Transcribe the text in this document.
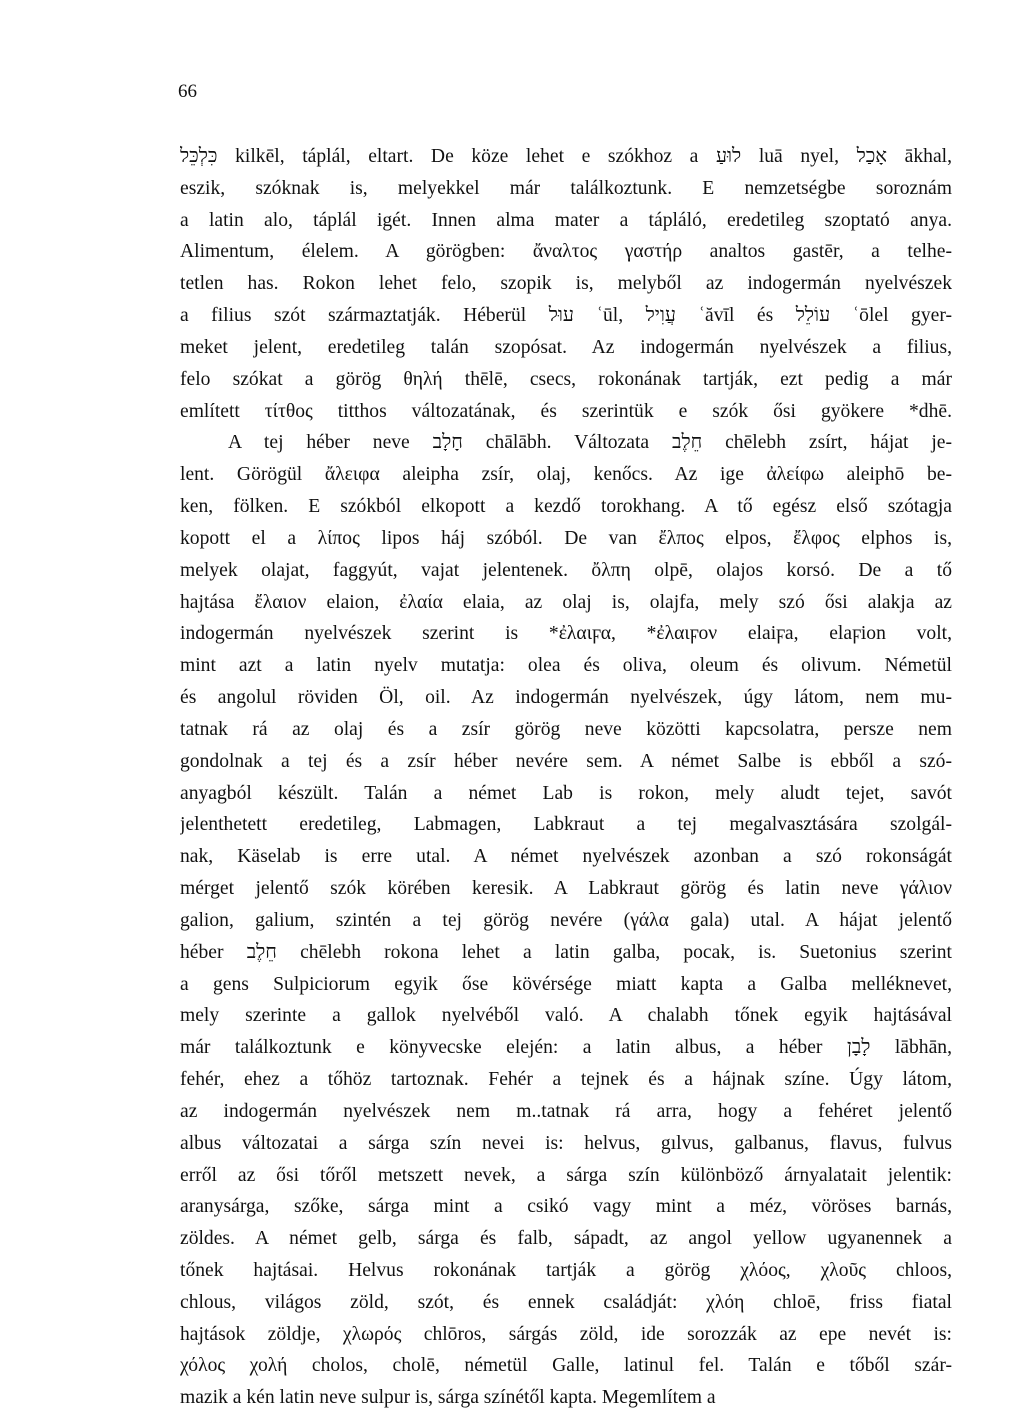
66
כִּלְכֵּל kilkēl, táplál, eltart. De köze lehet e szókhoz a לוּעַ luā nyel, אָכַל ākhal,
eszik, szóknak is, melyekkel már találkoztunk. E nemzetségbe soroznám
a latin alo, táplál igét. Innen alma mater a tápláló, eredetileg szoptató anya.
Alimentum, élelem. A görögben: ἄναλτος γαστήρ analtos gastēr, a telhe-
tetlen has. Rokon lehet felo, szopik is, melyből az indogermán nyelvészek
a filius szót származtatják. Héberül עוּל ʿūl, עֲוִיל ʿăvīl és עוֹלֵל ʿōlel gyer-
meket jelent, eredetileg talán szopósat. Az indogermán nyelvészek a filius,
felo szókat a görög θηλή thēlē, csecs, rokonának tartják, ezt pedig a már
említett τίτθος titthos változatának, és szerintük e szók ősi gyökere *dhē.
A tej héber neve חָלָב chālābh. Változata חֵלֶב chēlebh zsírt, hájat je-
lent. Görögül ἄλειφα aleipha zsír, olaj, kenőcs. Az ige ἀλείφω aleiphō be-
ken, fölken. E szókból elkopott a kezdő torokhang. A tő egész első szótagja
kopott el a λίπος lipos háj szóból. De van ἔλπος elpos, ἔλφος elphos is,
melyek olajat, faggyút, vajat jelentenek. ὄλπη olpē, olajos korsó. De a tő
hajtása ἔλαιον elaion, ἐλαία elaia, az olaj is, olajfa, mely szó ősi alakja az
indogermán nyelvészek szerint is *ἐλαιϝα, *ἐλαιϝον elaiϝa, elaϝion volt,
mint azt a latin nyelv mutatja: olea és oliva, oleum és olivum. Németül
és angolul röviden Öl, oil. Az indogermán nyelvészek, úgy látom, nem mu-
tatnak rá az olaj és a zsír görög neve közötti kapcsolatra, persze nem
gondolnak a tej és a zsír héber nevére sem. A német Salbe is ebből a szó-
anyagból készült. Talán a német Lab is rokon, mely aludt tejet, savót
jelenthetett eredetileg, Labmagen, Labkraut a tej megalvasztására szolgál-
nak, Käselab is erre utal. A német nyelvészek azonban a szó rokonságát
mérget jelentő szók körében keresik. A Labkraut görög és latin neve γάλιον
galion, galium, szintén a tej görög nevére (γάλα gala) utal. A hájat jelentő
héber חֵלֶב chēlebh rokona lehet a latin galba, pocak, is. Suetonius szerint
a gens Sulpiciorum egyik őse kövérsége miatt kapta a Galba melléknevet,
mely szerinte a gallok nyelvéből való. A chalabh tőnek egyik hajtásával
már találkoztunk e könyvecske elején: a latin albus, a héber לָבָן lābhān,
fehér, ehez a tőhöz tartoznak. Fehér a tejnek és a hájnak színe. Úgy látom,
az indogermán nyelvészek nem m..tatnak rá arra, hogy a fehéret jelentő
albus változatai a sárga szín nevei is: helvus, gılvus, galbanus, flavus, fulvus
erről az ősi tőről metszett nevek, a sárga szín különböző árnyalatait jelentik:
aranysárga, szőke, sárga mint a csikó vagy mint a méz, vöröses barnás,
zöldes. A német gelb, sárga és falb, sápadt, az angol yellow ugyanennek a
tőnek hajtásai. Helvus rokonának tartják a görög χλόος, χλοῦς chloos,
chlous, világos zöld, szót, és ennek családját: χλόη chloē, friss fiatal
hajtások zöldje, χλωρός chlōros, sárgás zöld, ide sorozzák az epe nevét is:
χόλος χολή cholos, cholē, németül Galle, latinul fel. Talán e tőből szár-
mazik a kén latin neve sulpur is, sárga színétől kapta. Megemlítem a
